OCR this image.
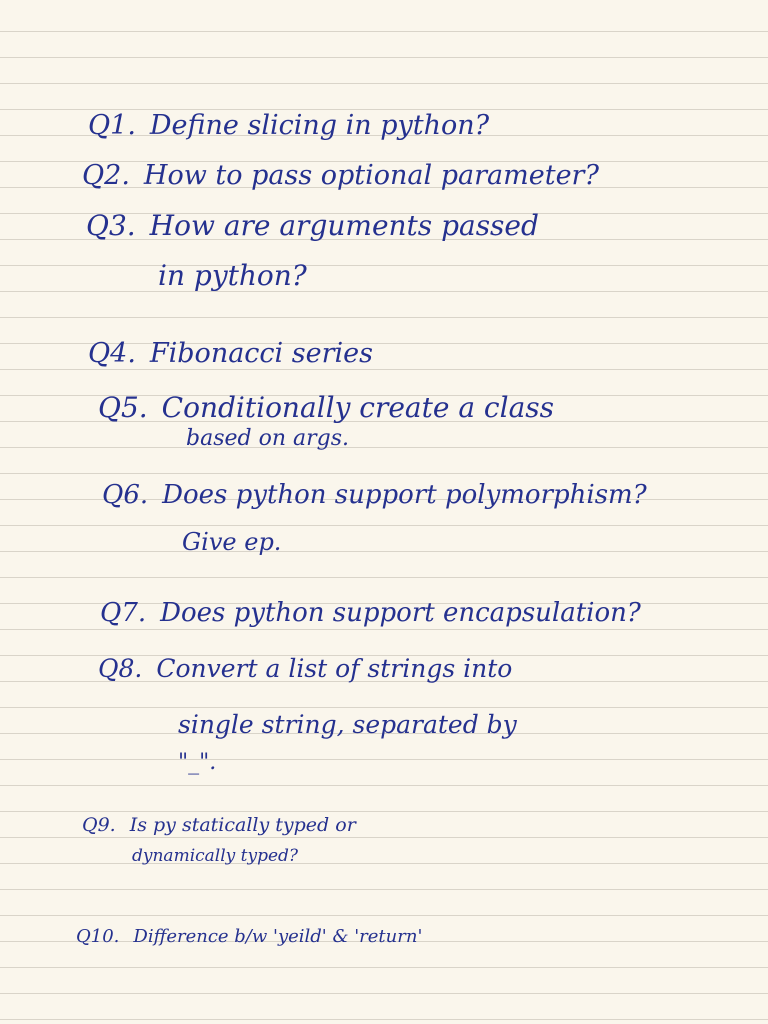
Q1. Define slicing in python?
Q2. How to pass optional parameter?
Q3. How are arguments passed
in python?
Q4. Fibonacci series
Q5. Conditionally create a class
based on args.
Q6. Does python support polymorphism?
Give ep.
Q7. Does python support encapsulation?
Q8. Convert a list of strings into
single string, separated by
"_".
Q9. Is py statically typed or
dynamically typed?
Q10. Difference b/w 'yeild' & 'return'
